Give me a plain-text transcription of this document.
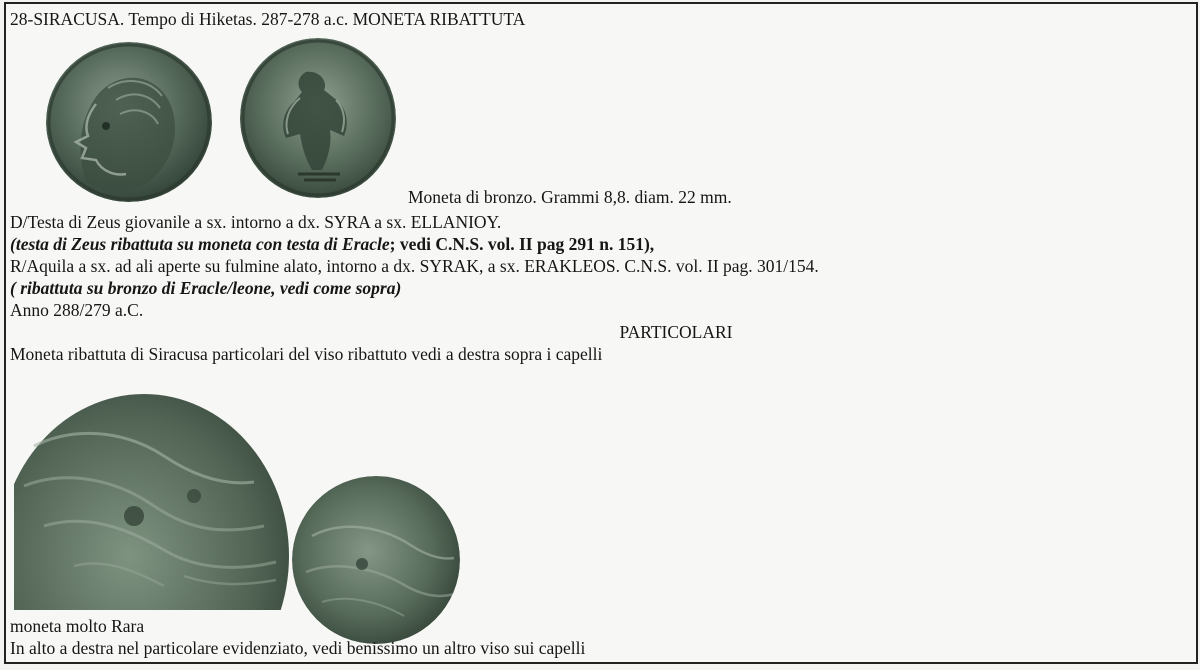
28-SIRACUSA. Tempo di Hiketas. 287-278 a.c. MONETA RIBATTUTA
Moneta di bronzo. Grammi 8,8. diam. 22 mm.
D/Testa di Zeus giovanile a sx. intorno a dx. SYRA a sx. ELLANIOY.
(testa di Zeus ribattuta su moneta con testa di Eracle; vedi C.N.S. vol. II pag 291 n. 151),
R/Aquila a sx. ad ali aperte su fulmine alato, intorno a dx. SYRAK, a sx. ERAKLEOS. C.N.S. vol. II pag. 301/154.
( ribattuta su bronzo di Eracle/leone, vedi come sopra)
Anno 288/279 a.C.
PARTICOLARI
Moneta ribattuta di Siracusa particolari del viso ribattuto vedi a destra sopra i capelli
moneta molto Rara
In alto a destra nel particolare evidenziato, vedi benissimo un altro viso sui capelli
